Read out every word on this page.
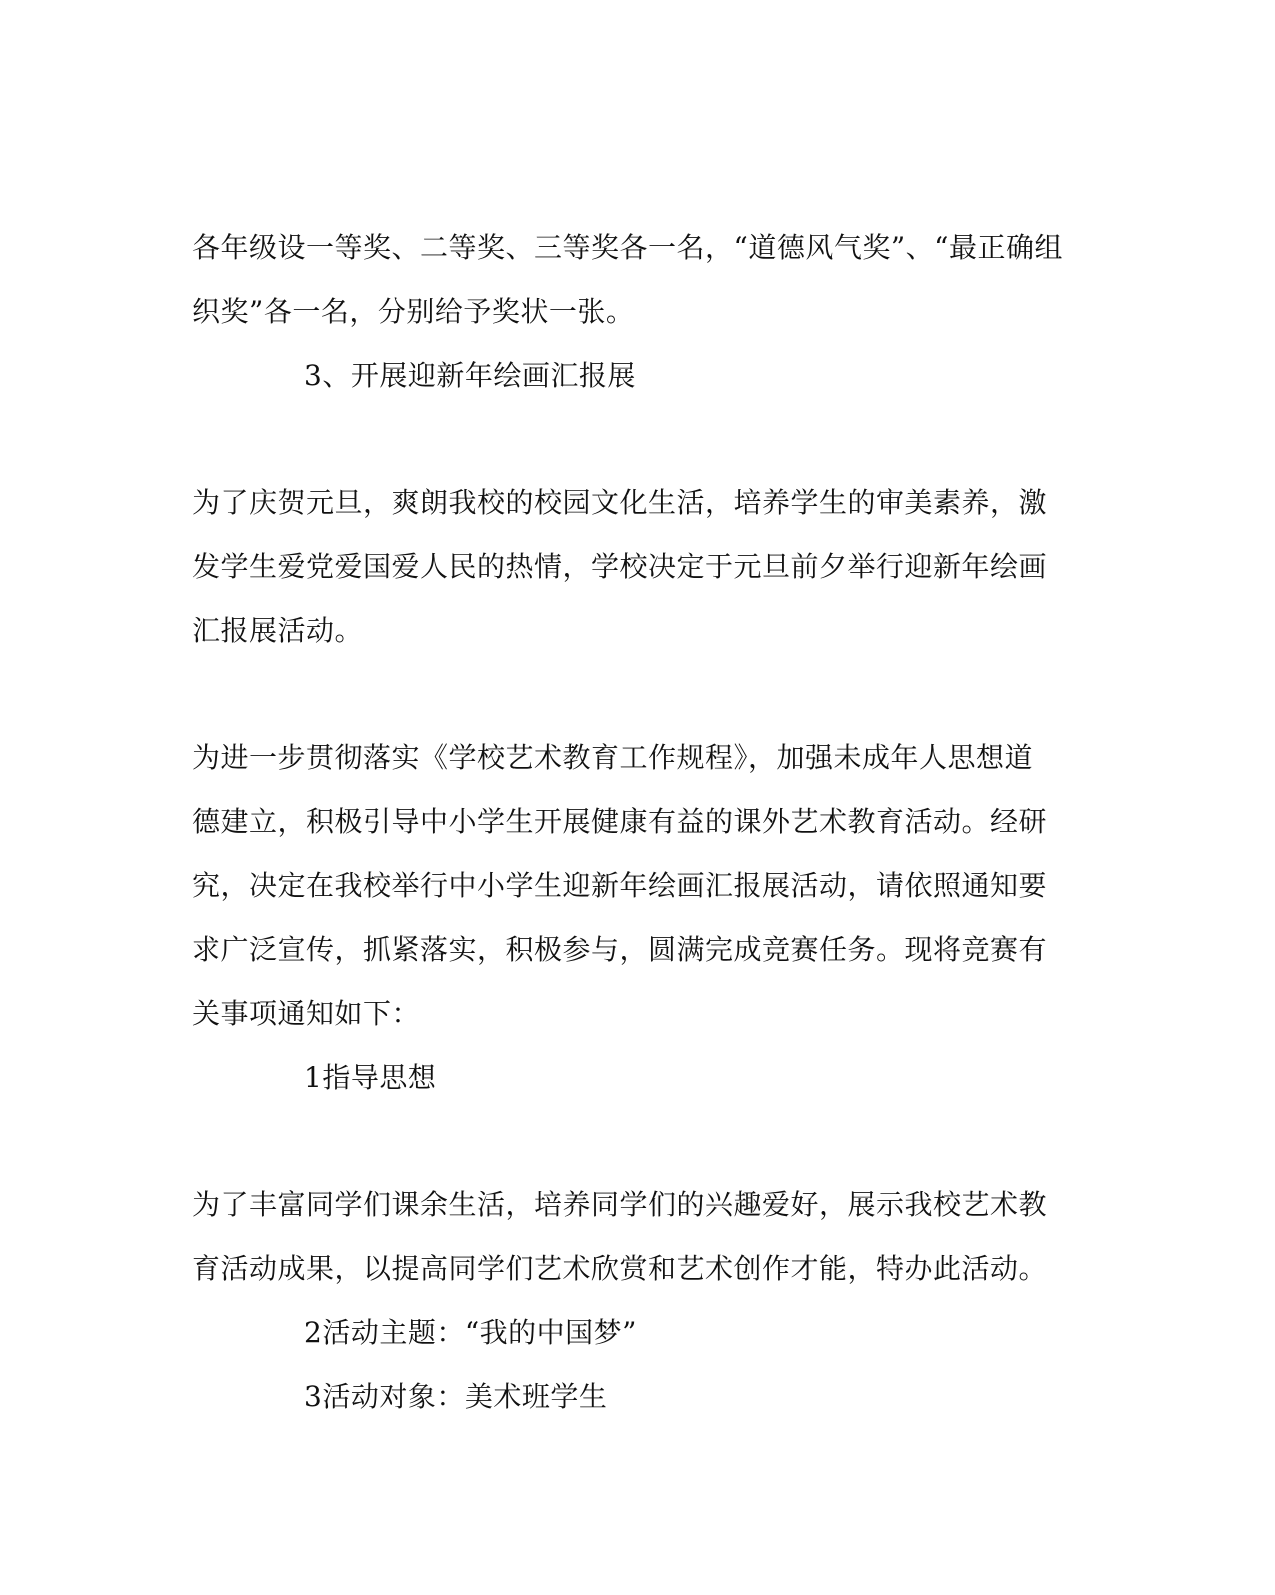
各年级设一等奖、二等奖、三等奖各一名，“道德风气奖”、“最正确组
织奖”各一名，分别给予奖状一张。
3、开展迎新年绘画汇报展
为了庆贺元旦，爽朗我校的校园文化生活，培养学生的审美素养，激
发学生爱党爱国爱人民的热情，学校决定于元旦前夕举行迎新年绘画
汇报展活动。
为进一步贯彻落实《学校艺术教育工作规程》，加强未成年人思想道
德建立，积极引导中小学生开展健康有益的课外艺术教育活动。经研
究，决定在我校举行中小学生迎新年绘画汇报展活动，请依照通知要
求广泛宣传，抓紧落实，积极参与，圆满完成竞赛任务。现将竞赛有
关事项通知如下：
1指导思想
为了丰富同学们课余生活，培养同学们的兴趣爱好，展示我校艺术教
育活动成果，以提高同学们艺术欣赏和艺术创作才能，特办此活动。
2活动主题：“我的中国梦”
3活动对象：美术班学生
